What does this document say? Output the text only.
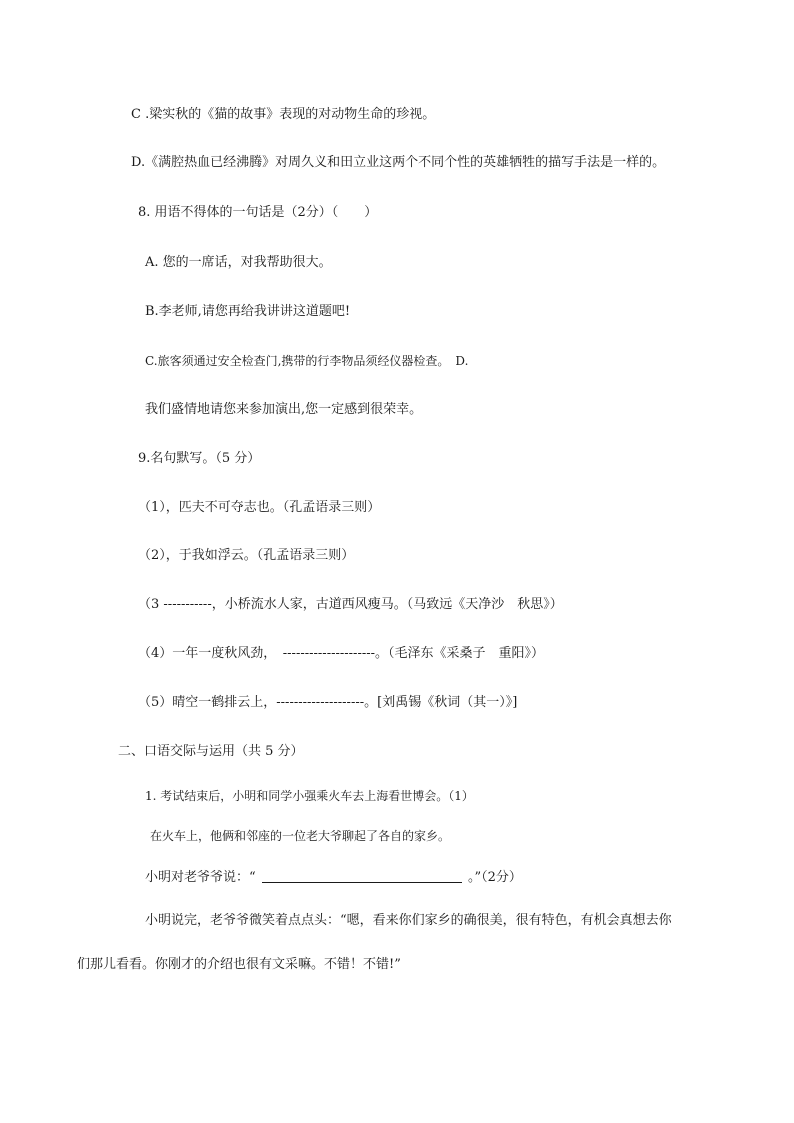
C .梁实秋的《猫的故事》表现的对动物生命的珍视。
D.《满腔热血已经沸腾》对周久义和田立业这两个不同个性的英雄牺牲的描写手法是一样的。
8. 用语不得体的一句话是（2分）（　　）
A. 您的一席话，对我帮助很大。
B.李老师,请您再给我讲讲这道题吧!
C.旅客须通过安全检查门,携带的行李物品须经仪器检查。　D.
我们盛情地请您来参加演出,您一定感到很荣幸。
9.名句默写。（5 分）
（1），匹夫不可夺志也。（孔孟语录三则）
（2），于我如浮云。（孔孟语录三则）
（3 -----------，小桥流水人家，古道西风瘦马。（马致远《天净沙　秋思》）
（4）一年一度秋风劲，　---------------------。（毛泽东《采桑子　重阳》）
（5）晴空一鹤排云上，--------------------。[刘禹锡《秋词（其一）》]
二、口语交际与运用（共 5 分）
1. 考试结束后，小明和同学小强乘火车去上海看世博会。（1）
在火车上，他俩和邻座的一位老大爷聊起了各自的家乡。
小明对老爷爷说：“	。”（2分）
小明说完，老爷爷微笑着点点头：“嗯，看来你们家乡的确很美，很有特色，有机会真想去你
们那儿看看。你刚才的介绍也很有文采嘛。不错！不错!”
